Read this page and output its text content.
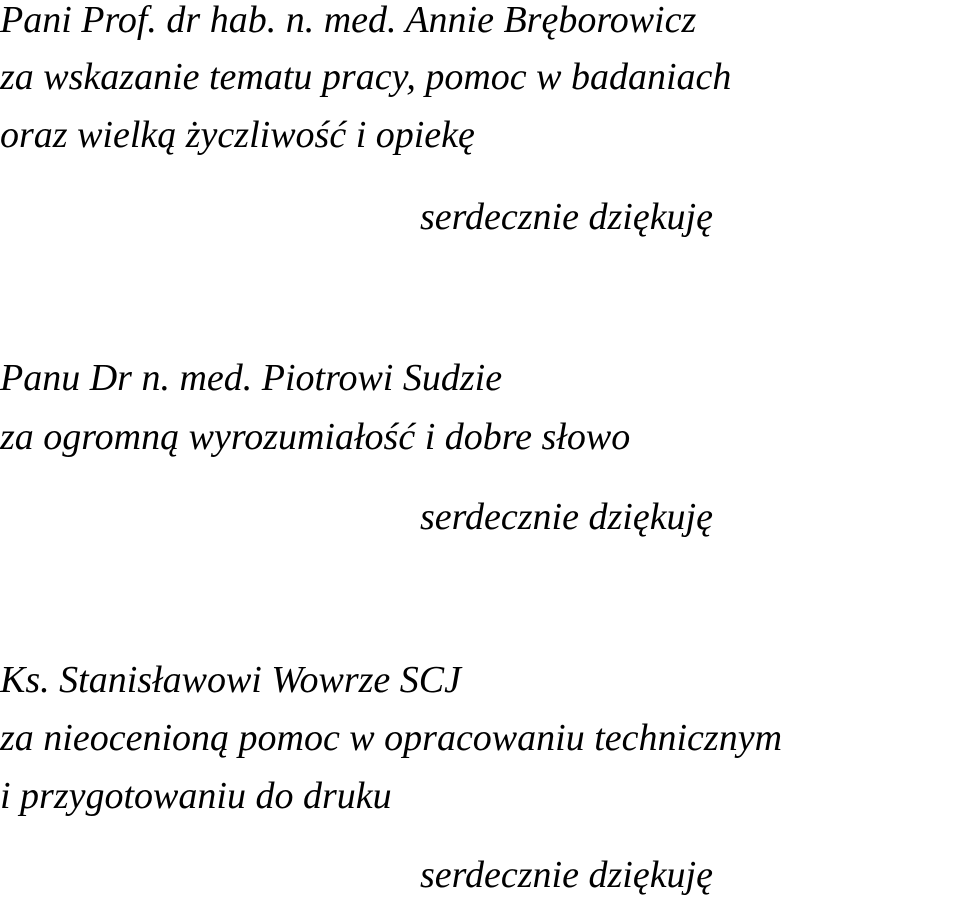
Pani Prof. dr hab. n. med. Annie Bręborowicz
za wskazanie tematu pracy, pomoc w badaniach
oraz wielką życzliwość i opiekę
serdecznie dziękuję
Panu Dr n. med. Piotrowi Sudzie
za ogromną wyrozumiałość i dobre słowo
serdecznie dziękuję
Ks. Stanisławowi Wowrze SCJ
za nieocenioną pomoc w opracowaniu technicznym
i przygotowaniu do druku
serdecznie dziękuję
